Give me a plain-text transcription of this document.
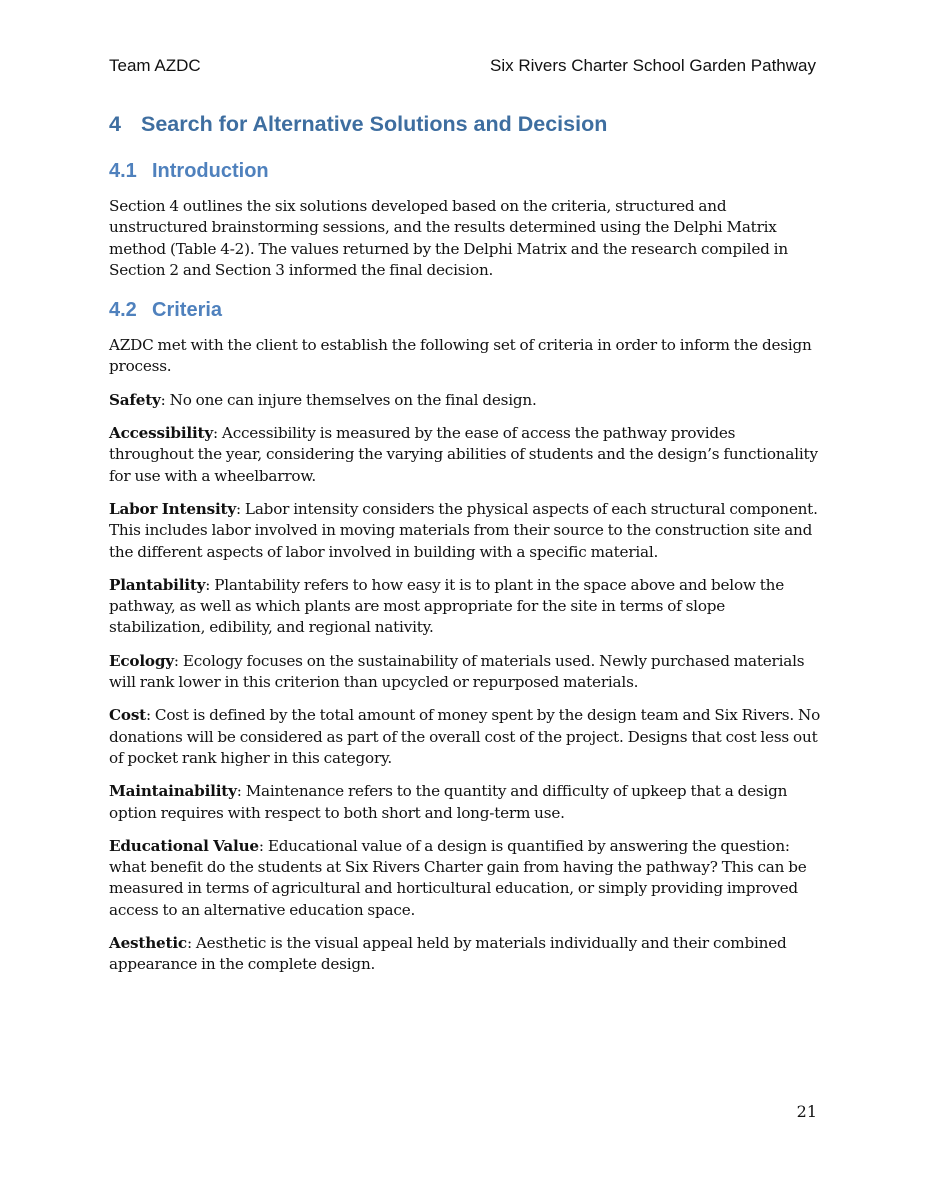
Team AZDC	Six Rivers Charter School Garden Pathway
4 Search for Alternative Solutions and Decision
4.1 Introduction

Section 4 outlines the six solutions developed based on the criteria, structured and unstructured brainstorming sessions, and the results determined using the Delphi Matrix method (Table 4-2). The values returned by the Delphi Matrix and the research compiled in Section 2 and Section 3 informed the final decision.

4.2 Criteria

AZDC met with the client to establish the following set of criteria in order to inform the design process.

Safety: No one can injure themselves on the final design.

Accessibility: Accessibility is measured by the ease of access the pathway provides throughout the year, considering the varying abilities of students and the design’s functionality for use with a wheelbarrow.

Labor Intensity: Labor intensity considers the physical aspects of each structural component. This includes labor involved in moving materials from their source to the construction site and the different aspects of labor involved in building with a specific material.

Plantability: Plantability refers to how easy it is to plant in the space above and below the pathway, as well as which plants are most appropriate for the site in terms of slope stabilization, edibility, and regional nativity.

Ecology: Ecology focuses on the sustainability of materials used. Newly purchased materials will rank lower in this criterion than upcycled or repurposed materials.

Cost: Cost is defined by the total amount of money spent by the design team and Six Rivers. No donations will be considered as part of the overall cost of the project. Designs that cost less out of pocket rank higher in this category.

Maintainability: Maintenance refers to the quantity and difficulty of upkeep that a design option requires with respect to both short and long-term use.

Educational Value: Educational value of a design is quantified by answering the question: what benefit do the students at Six Rivers Charter gain from having the pathway? This can be measured in terms of agricultural and horticultural education, or simply providing improved access to an alternative education space.

Aesthetic: Aesthetic is the visual appeal held by materials individually and their combined appearance in the complete design.

21
